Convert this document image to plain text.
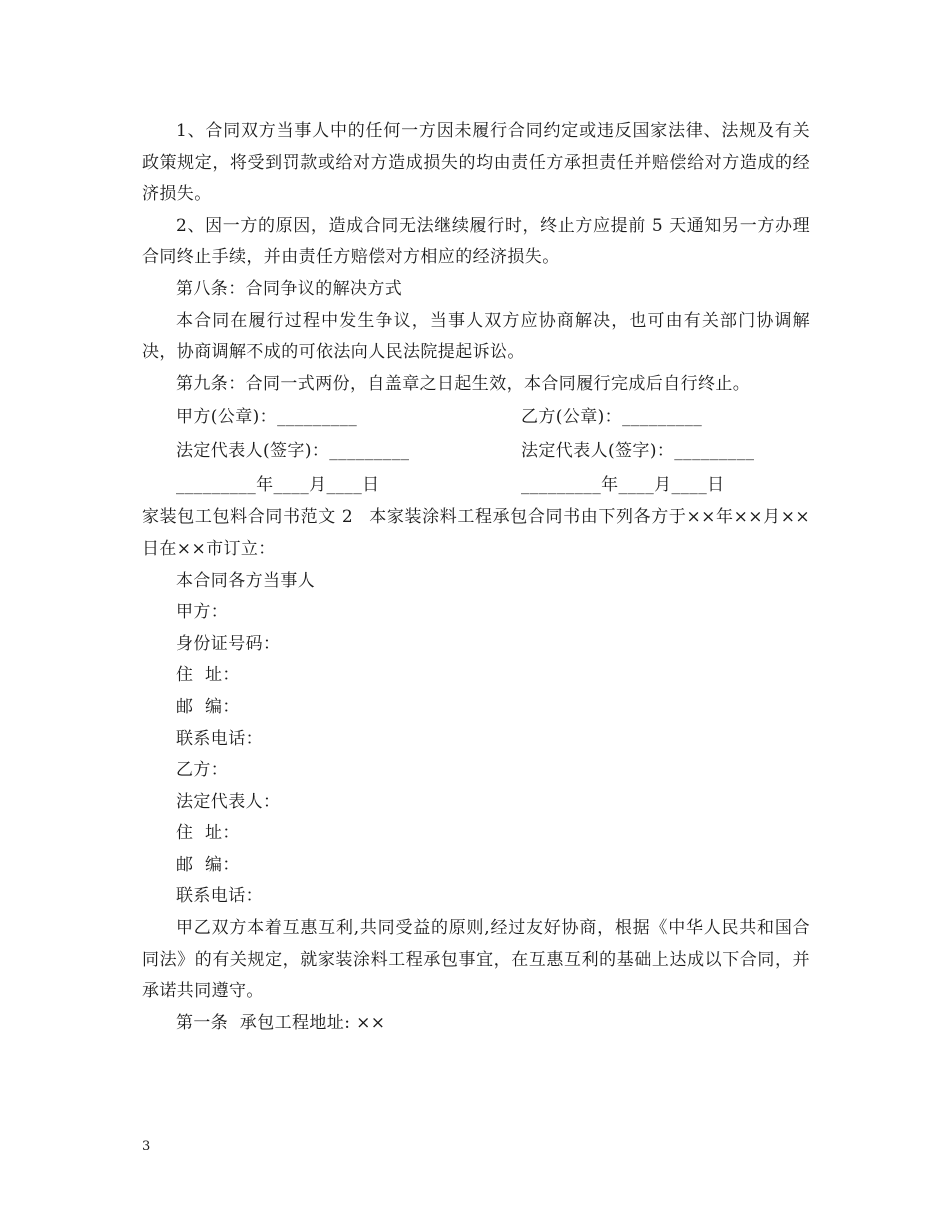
1、合同双方当事人中的任何一方因未履行合同约定或违反国家法律、法规及有关政策规定，将受到罚款或给对方造成损失的均由责任方承担责任并赔偿给对方造成的经济损失。

2、因一方的原因，造成合同无法继续履行时，终止方应提前 5 天通知另一方办理合同终止手续，并由责任方赔偿对方相应的经济损失。

第八条：合同争议的解决方式

本合同在履行过程中发生争议，当事人双方应协商解决，也可由有关部门协调解决，协商调解不成的可依法向人民法院提起诉讼。

第九条：合同一式两份，自盖章之日起生效，本合同履行完成后自行终止。

甲方(公章)：_________	乙方(公章)：_________
法定代表人(签字)：_________	法定代表人(签字)：_________
_________年____月____日	_________年____月____日

家装包工包料合同书范文 2 本家装涂料工程承包合同书由下列各方于××年××月××日在××市订立：

本合同各方当事人

甲方：

身份证号码：

住  址：

邮  编：

联系电话：

乙方：

法定代表人：

住  址：

邮  编：

联系电话：

甲乙双方本着互惠互利,共同受益的原则,经过友好协商，根据《中华人民共和国合同法》的有关规定，就家装涂料工程承包事宜，在互惠互利的基础上达成以下合同，并承诺共同遵守。

第一条  承包工程地址: ××

3
